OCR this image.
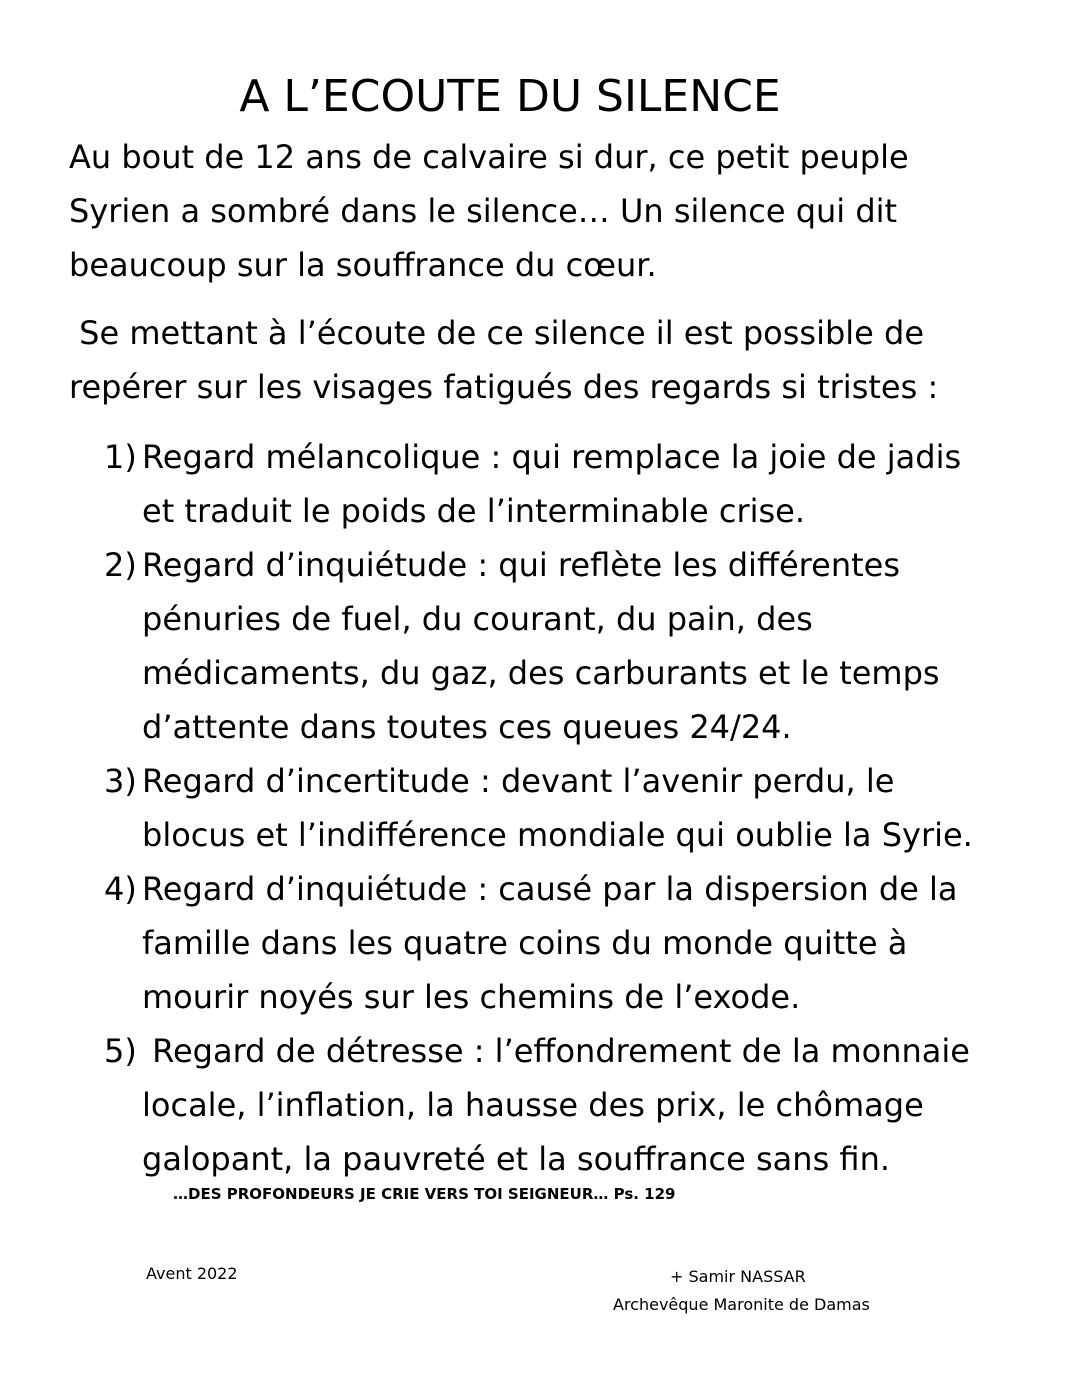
A L’ECOUTE DU SILENCE
Au bout de 12 ans de calvaire si dur, ce petit peuple
Syrien a sombré dans le silence… Un silence qui dit
beaucoup sur la souffrance du cœur.
Se mettant à l’écoute de ce silence il est possible de
repérer sur les visages fatigués des regards si tristes :
1) Regard mélancolique : qui remplace la joie de jadis
et traduit le poids de l’interminable crise.
2) Regard d’inquiétude : qui reflète les différentes
pénuries de fuel, du courant, du pain, des
médicaments, du gaz, des carburants et le temps
d’attente dans toutes ces queues 24/24.
3) Regard d’incertitude : devant l’avenir perdu, le
blocus et l’indifférence mondiale qui oublie la Syrie.
4) Regard d’inquiétude : causé par la dispersion de la
famille dans les quatre coins du monde quitte à
mourir noyés sur les chemins de l’exode.
5) Regard de détresse : l’effondrement de la monnaie
locale, l’inflation, la hausse des prix, le chômage
galopant, la pauvreté et la souffrance sans fin.
…DES PROFONDEURS JE CRIE VERS TOI SEIGNEUR… Ps. 129
Avent 2022	+ Samir NASSAR
Archevêque Maronite de Damas
